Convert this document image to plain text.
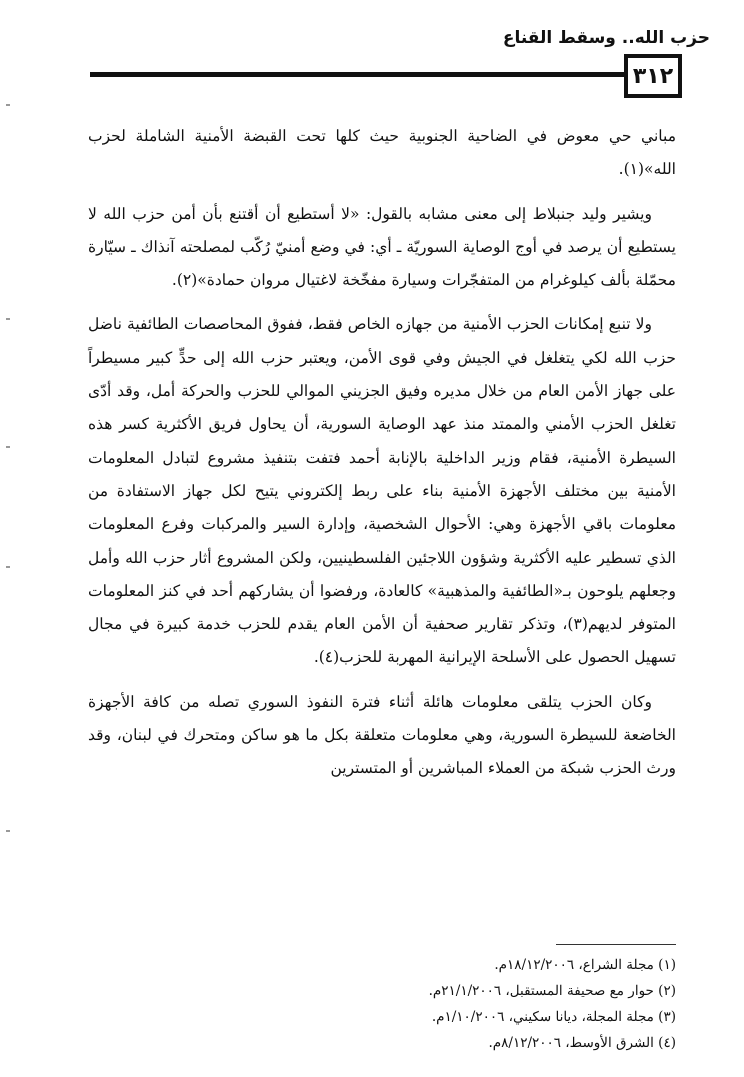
حزب الله.. وسقط القناع
٣١٢

مباني حي معوض في الضاحية الجنوبية حيث كلها تحت القبضة الأمنية الشاملة لحزب الله»(١).

ويشير وليد جنبلاط إلى معنى مشابه بالقول: «لا أستطيع أن أقتنع بأن أمن حزب الله لا يستطيع أن يرصد في أوج الوصاية السوريّة ـ أي: في وضع أمنيّ رُكّب لمصلحته آنذاك ـ سيّارة محمّلة بألف كيلوغرام من المتفجّرات وسيارة مفخّخة لاغتيال مروان حمادة»(٢).

ولا تنبع إمكانات الحزب الأمنية من جهازه الخاص فقط، ففوق المحاصصات الطائفية ناضل حزب الله لكي يتغلغل في الجيش وفي قوى الأمن، ويعتبر حزب الله إلى حدٍّ كبير مسيطراً على جهاز الأمن العام من خلال مديره وفيق الجزيني الموالي للحزب والحركة أمل، وقد أدّى تغلغل الحزب الأمني والممتد منذ عهد الوصاية السورية، أن يحاول فريق الأكثرية كسر هذه السيطرة الأمنية، فقام وزير الداخلية بالإنابة أحمد فتفت بتنفيذ مشروع لتبادل المعلومات الأمنية بين مختلف الأجهزة الأمنية بناء على ربط إلكتروني يتيح لكل جهاز الاستفادة من معلومات باقي الأجهزة وهي: الأحوال الشخصية، وإدارة السير والمركبات وفرع المعلومات الذي تسطير عليه الأكثرية وشؤون اللاجئين الفلسطينيين، ولكن المشروع أثار حزب الله وأمل وجعلهم يلوحون بـ«الطائفية والمذهبية» كالعادة، ورفضوا أن يشاركهم أحد في كنز المعلومات المتوفر لديهم(٣)، وتذكر تقارير صحفية أن الأمن العام يقدم للحزب خدمة كبيرة في مجال تسهيل الحصول على الأسلحة الإيرانية المهربة للحزب(٤).

وكان الحزب يتلقى معلومات هائلة أثناء فترة النفوذ السوري تصله من كافة الأجهزة الخاضعة للسيطرة السورية، وهي معلومات متعلقة بكل ما هو ساكن ومتحرك في لبنان، وقد ورث الحزب شبكة من العملاء المباشرين أو المتسترين

(١) مجلة الشراع، ١٨/١٢/٢٠٠٦م.
(٢) حوار مع صحيفة المستقبل، ٢١/١/٢٠٠٦م.
(٣) مجلة المجلة، ديانا سكيني، ١/١٠/٢٠٠٦م.
(٤) الشرق الأوسط، ٨/١٢/٢٠٠٦م.
